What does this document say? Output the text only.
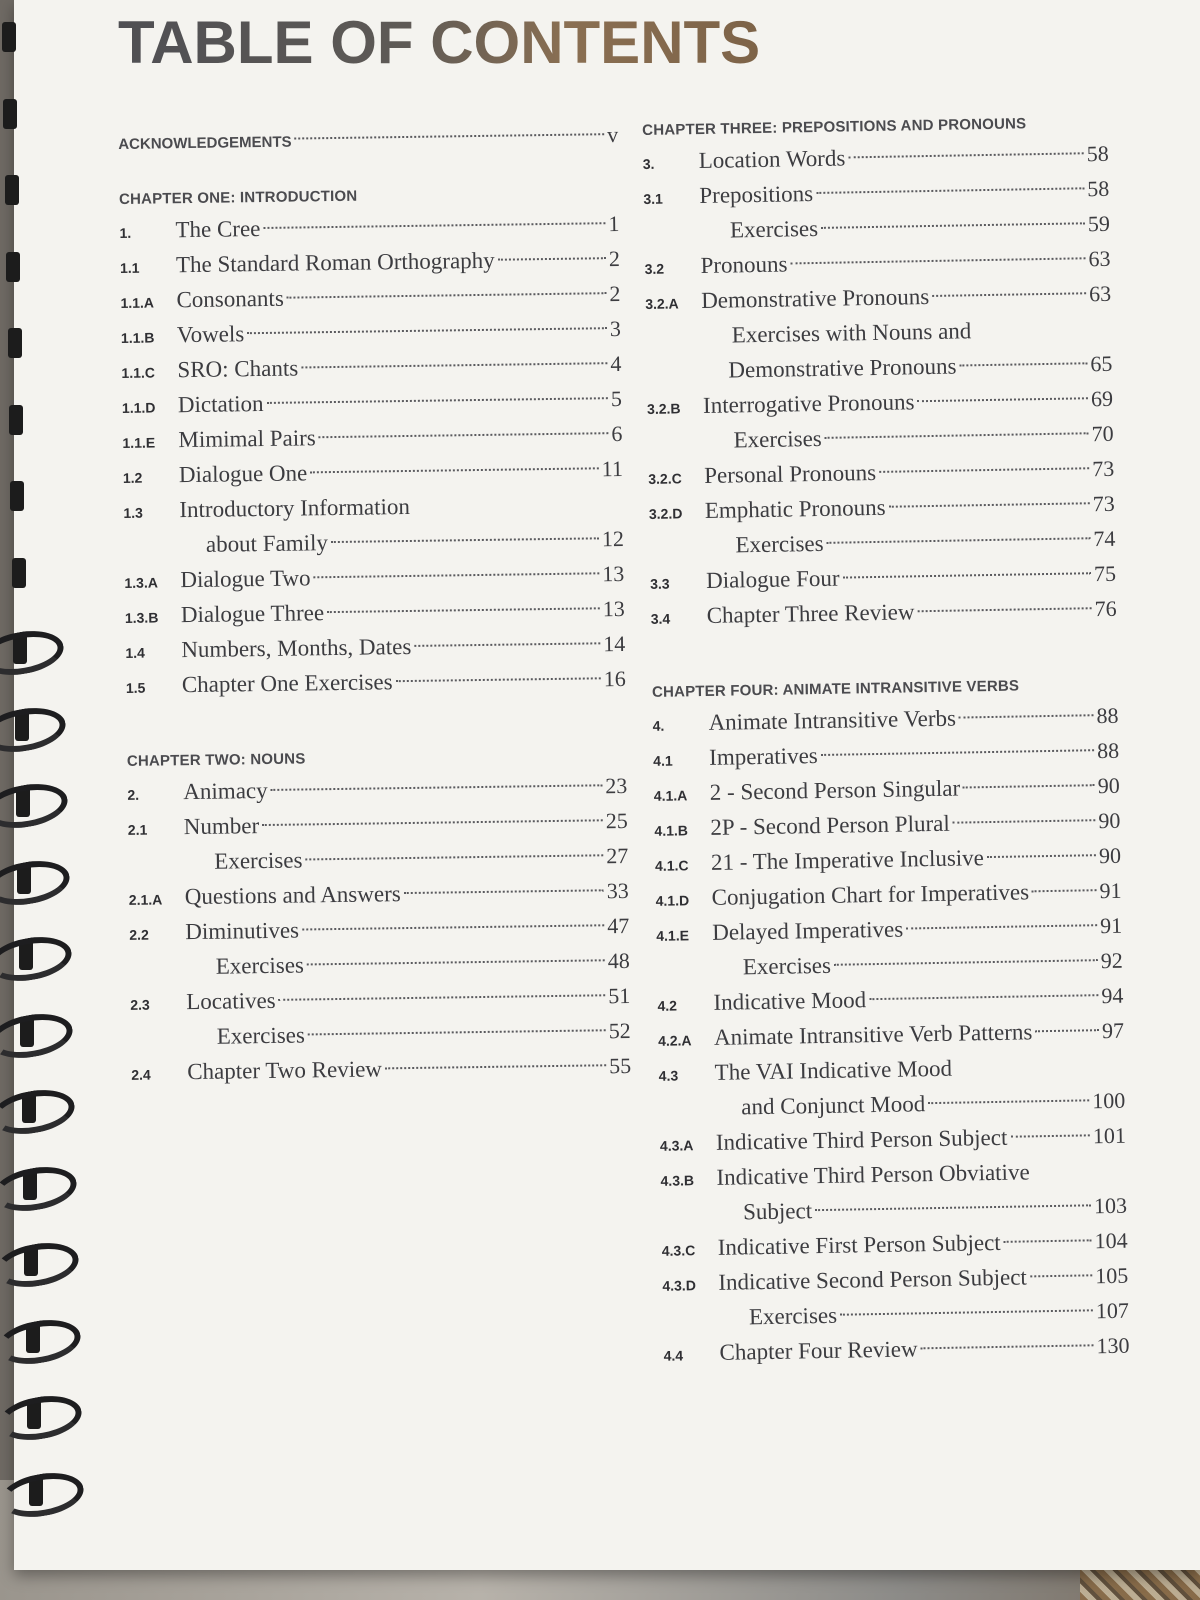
TABLE OF CONTENTS
ACKNOWLEDGEMENTS	v
CHAPTER ONE: INTRODUCTION
1.	The Cree	1
1.1	The Standard Roman Orthography	2
1.1.A Consonants	2
1.1.B Vowels	3
1.1.C SRO: Chants	4
1.1.D Dictation	5
1.1.E Mimimal Pairs	6
1.2	Dialogue One	11
1.3	Introductory Information
about Family	12
1.3.A Dialogue Two	13
1.3.B Dialogue Three	13
1.4	Numbers, Months, Dates	14
1.5	Chapter One Exercises	16
CHAPTER TWO: NOUNS
2.	Animacy	23
2.1	Number	25
Exercises	27
2.1.A Questions and Answers	33
2.2	Diminutives	47
Exercises	48
2.3	Locatives	51
Exercises	52
2.4	Chapter Two Review	55
CHAPTER THREE: PREPOSITIONS AND PRONOUNS
3.	Location Words	58
3.1	Prepositions	58
Exercises	59
3.2	Pronouns	63
3.2.A Demonstrative Pronouns	63
Exercises with Nouns and
Demonstrative Pronouns	65
3.2.B Interrogative Pronouns	69
Exercises	70
3.2.C Personal Pronouns	73
3.2.D Emphatic Pronouns	73
Exercises	74
3.3	Dialogue Four	75
3.4	Chapter Three Review	76
CHAPTER FOUR: ANIMATE INTRANSITIVE VERBS
4.	Animate Intransitive Verbs	88
4.1	Imperatives	88
4.1.A 2 - Second Person Singular	90
4.1.B 2P - Second Person Plural	90
4.1.C 21 - The Imperative Inclusive	90
4.1.D Conjugation Chart for Imperatives	91
4.1.E Delayed Imperatives	91
Exercises	92
4.2	Indicative Mood	94
4.2.A Animate Intransitive Verb Patterns	97
4.3	The VAI Indicative Mood
and Conjunct Mood	100
4.3.A Indicative Third Person Subject	101
4.3.B Indicative Third Person Obviative
Subject	103
4.3.C Indicative First Person Subject	104
4.3.D Indicative Second Person Subject	105
Exercises	107
4.4	Chapter Four Review	130
